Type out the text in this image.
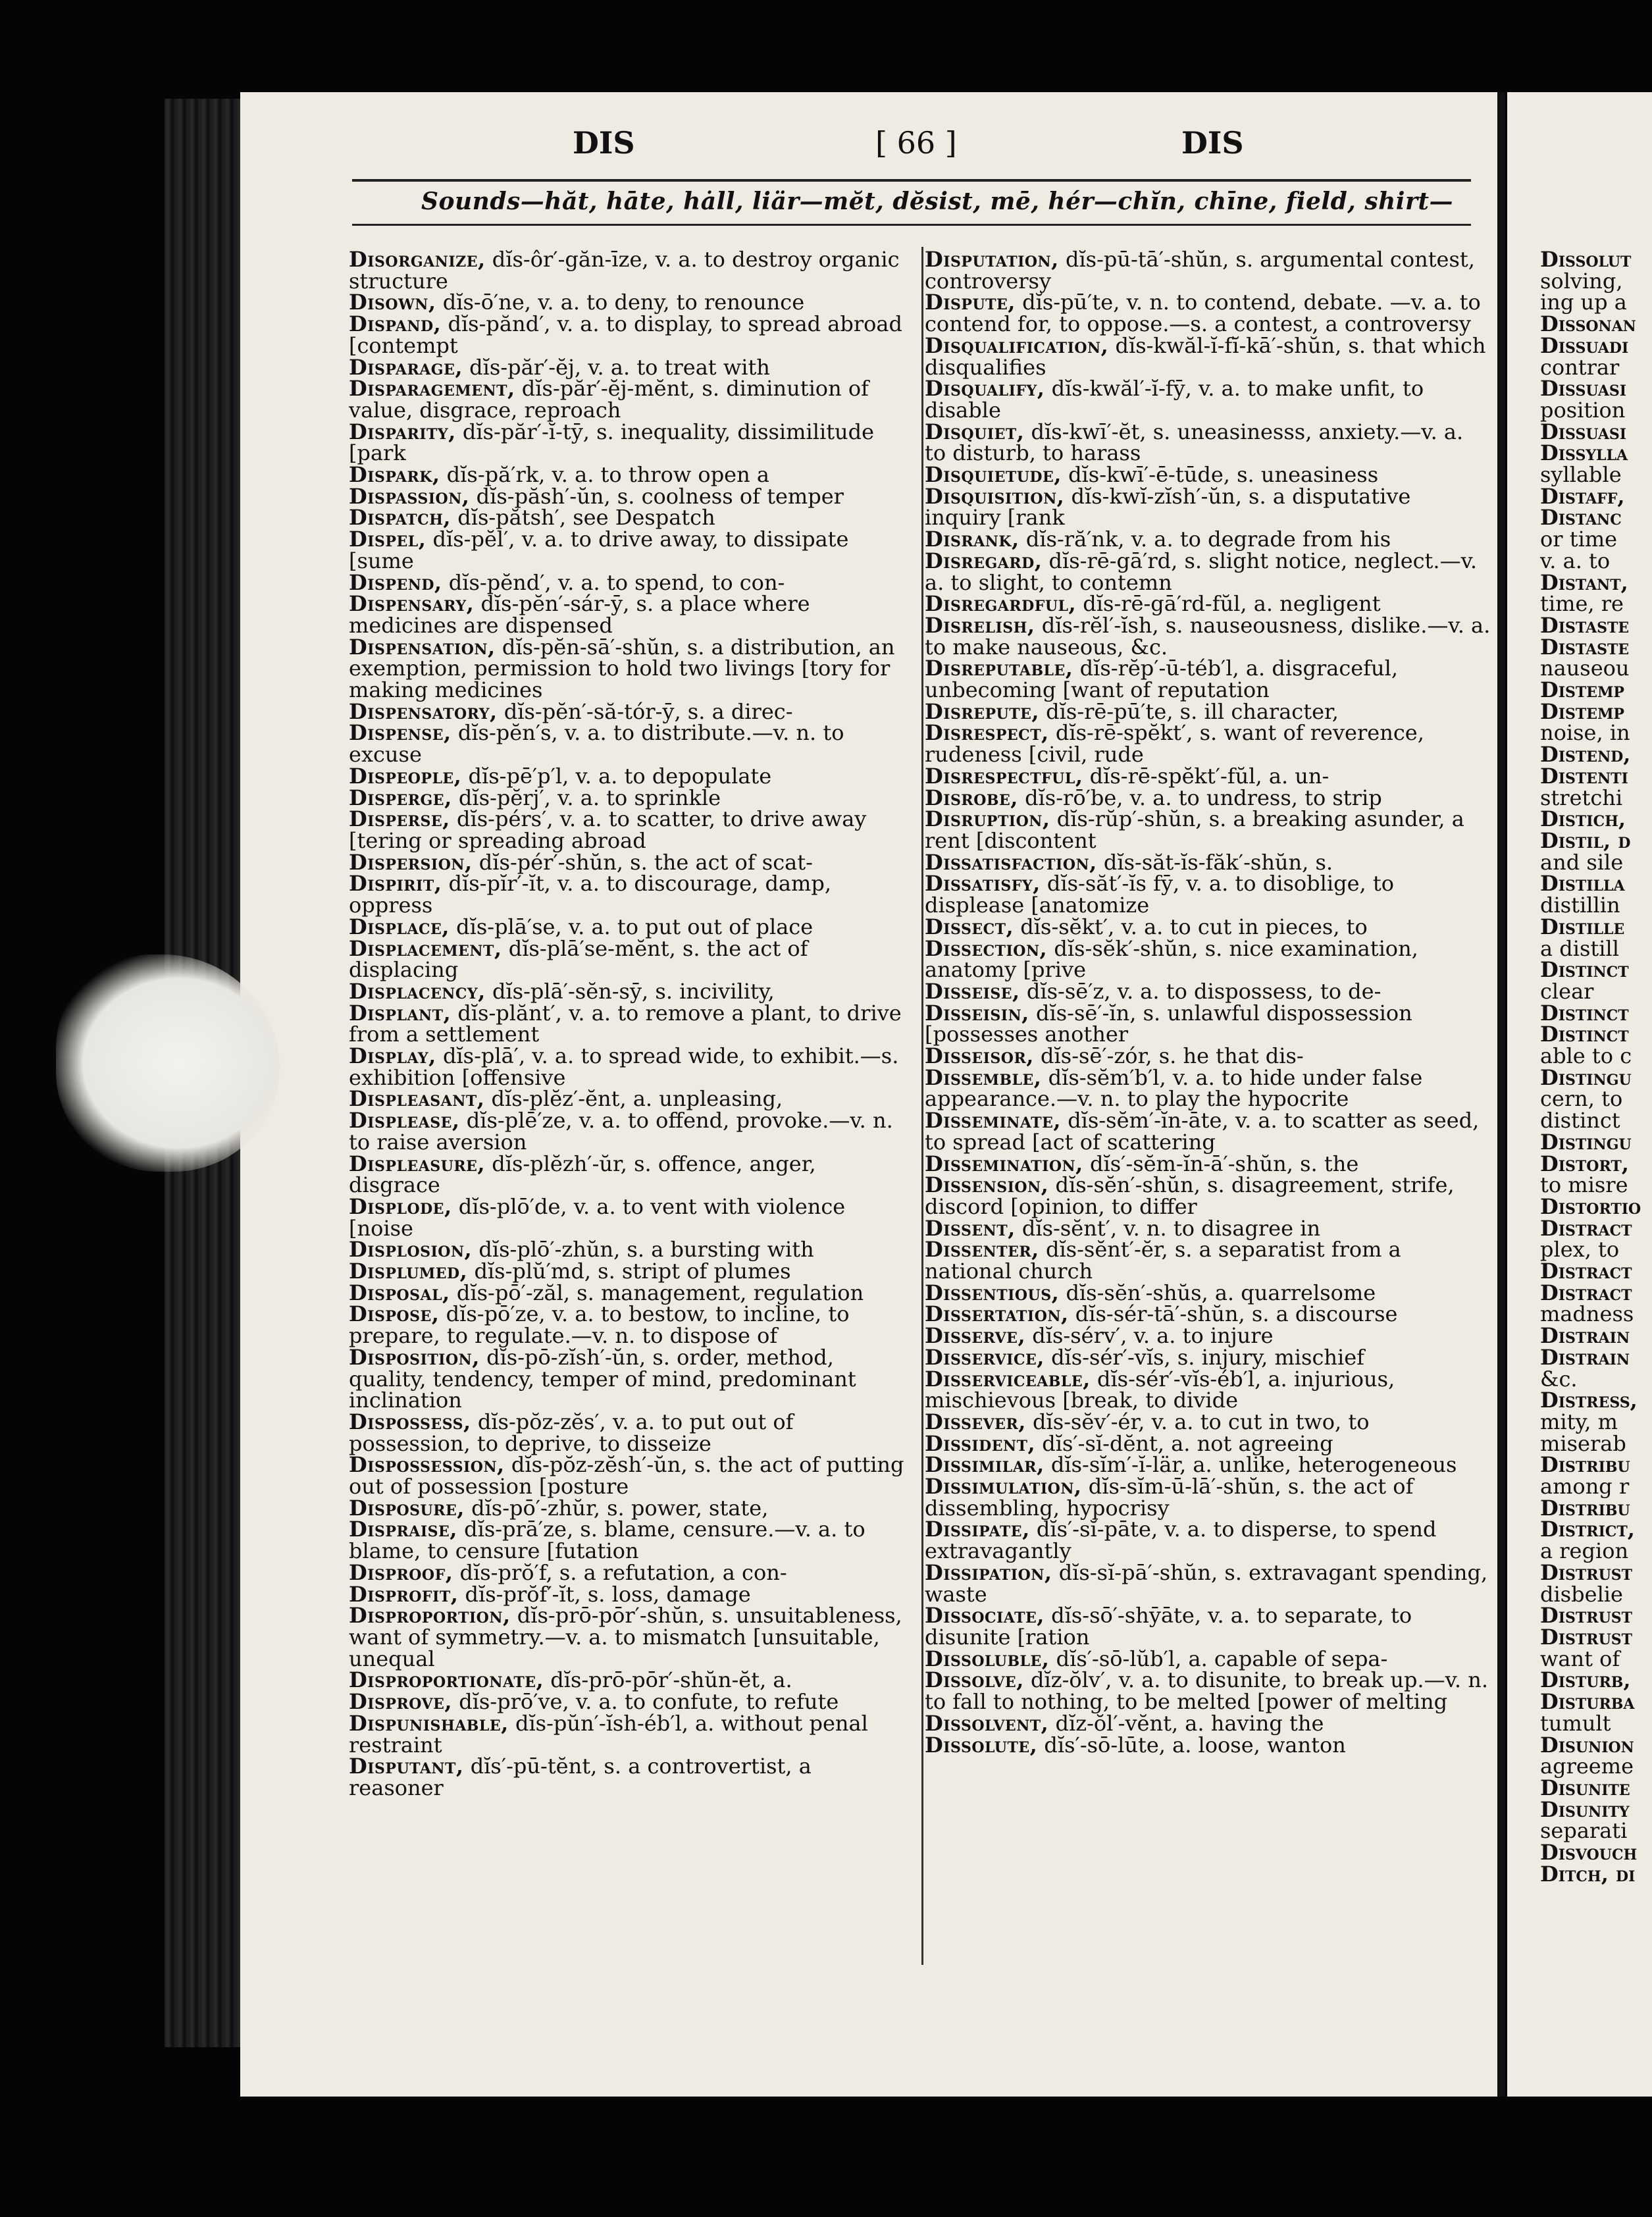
DIS	[ 66 ]	DIS
Sounds—hăt, hāte, hȧll, liär—mĕt, dĕsist, mē, hér—chĭn, chīne, field, shirt—

Disorganize, dĭs-ôr′-găn-īze, v. a. to destroy organic structure

Disown, dĭs-ō′ne, v. a. to deny, to renounce

Dispand, dĭs-pănd′, v. a. to display, to spread abroad [contempt

Disparage, dĭs-păr′-ĕj, v. a. to treat with

Disparagement, dĭs-păr′-ĕj-mĕnt, s. diminution of value, disgrace, reproach

Disparity, dĭs-păr′-ĭ-tȳ, s. inequality, dissimilitude [park

Dispark, dĭs-pă′rk, v. a. to throw open a

Dispassion, dĭs-păsh′-ŭn, s. coolness of temper

Dispatch, dĭs-pătsh′, see Despatch

Dispel, dĭs-pĕl′, v. a. to drive away, to dissipate [sume

Dispend, dĭs-pĕnd′, v. a. to spend, to con-

Dispensary, dĭs-pĕn′-sár-ȳ, s. a place where medicines are dispensed

Dispensation, dĭs-pĕn-sā′-shŭn, s. a distribution, an exemption, permission to hold two livings [tory for making medicines

Dispensatory, dĭs-pĕn′-să-tór-ȳ, s. a direc-

Dispense, dĭs-pĕn′s, v. a. to distribute.—v. n. to excuse

Dispeople, dĭs-pē′p′l, v. a. to depopulate

Disperge, dĭs-pĕrj′, v. a. to sprinkle

Disperse, dĭs-pérs′, v. a. to scatter, to drive away [tering or spreading abroad

Dispersion, dĭs-pér′-shŭn, s. the act of scat-

Dispirit, dĭs-pĭr′-ĭt, v. a. to discourage, damp, oppress

Displace, dĭs-plā′se, v. a. to put out of place

Displacement, dĭs-plā′se-mĕnt, s. the act of displacing

Displacency, dĭs-plā′-sĕn-sȳ, s. incivility,

Displant, dĭs-plănt′, v. a. to remove a plant, to drive from a settlement

Display, dĭs-plā′, v. a. to spread wide, to exhibit.—s. exhibition [offensive

Displeasant, dĭs-plĕz′-ĕnt, a. unpleasing,

Displease, dĭs-plē′ze, v. a. to offend, provoke.—v. n. to raise aversion

Displeasure, dĭs-plĕzh′-ŭr, s. offence, anger, disgrace

Displode, dĭs-plō′de, v. a. to vent with violence [noise

Displosion, dĭs-plō′-zhŭn, s. a bursting with

Displumed, dĭs-plŭ′md, s. stript of plumes

Disposal, dĭs-pō′-zăl, s. management, regulation

Dispose, dĭs-pō′ze, v. a. to bestow, to incline, to prepare, to regulate.—v. n. to dispose of

Disposition, dĭs-pō-zĭsh′-ŭn, s. order, method, quality, tendency, temper of mind, predominant inclination

Dispossess, dĭs-pŏz-zĕs′, v. a. to put out of possession, to deprive, to disseize

Dispossession, dĭs-pŏz-zĕsh′-ŭn, s. the act of putting out of possession [posture

Disposure, dĭs-pō′-zhŭr, s. power, state,

Dispraise, dĭs-prā′ze, s. blame, censure.—v. a. to blame, to censure [futation

Disproof, dĭs-prŏ′f, s. a refutation, a con-

Disprofit, dĭs-prŏf′-ĭt, s. loss, damage

Disproportion, dĭs-prō-pōr′-shŭn, s. unsuitableness, want of symmetry.—v. a. to mismatch [unsuitable, unequal

Disproportionate, dĭs-prō-pōr′-shŭn-ĕt, a.

Disprove, dĭs-prō′ve, v. a. to confute, to refute

Dispunishable, dĭs-pŭn′-ĭsh-éb′l, a. without penal restraint

Disputant, dĭs′-pū-tĕnt, s. a controvertist, a reasoner

Disputation, dĭs-pū-tā′-shŭn, s. argumental contest, controversy

Dispute, dĭs-pū′te, v. n. to contend, debate. —v. a. to contend for, to oppose.—s. a contest, a controversy

Disqualification, dĭs-kwăl-ĭ-fĭ-kā′-shŭn, s. that which disqualifies

Disqualify, dĭs-kwăl′-ĭ-fȳ, v. a. to make unfit, to disable

Disquiet, dĭs-kwī′-ĕt, s. uneasinesss, anxiety.—v. a. to disturb, to harass

Disquietude, dĭs-kwī′-ē-tūde, s. uneasiness

Disquisition, dĭs-kwĭ-zĭsh′-ŭn, s. a disputative inquiry [rank

Disrank, dĭs-ră′nk, v. a. to degrade from his

Disregard, dĭs-rē-gā′rd, s. slight notice, neglect.—v. a. to slight, to contemn

Disregardful, dĭs-rē-gā′rd-fŭl, a. negligent

Disrelish, dĭs-rĕl′-ĭsh, s. nauseousness, dislike.—v. a. to make nauseous, &c.

Disreputable, dĭs-rĕp′-ū-téb′l, a. disgraceful, unbecoming [want of reputation

Disrepute, dĭs-rē-pū′te, s. ill character,

Disrespect, dĭs-rē-spĕkt′, s. want of reverence, rudeness [civil, rude

Disrespectful, dĭs-rē-spĕkt′-fŭl, a. un-

Disrobe, dĭs-rō′be, v. a. to undress, to strip

Disruption, dĭs-rŭp′-shŭn, s. a breaking asunder, a rent [discontent

Dissatisfaction, dĭs-săt-ĭs-făk′-shŭn, s.

Dissatisfy, dĭs-săt′-ĭs fȳ, v. a. to disoblige, to displease [anatomize

Dissect, dĭs-sĕkt′, v. a. to cut in pieces, to

Dissection, dĭs-sĕk′-shŭn, s. nice examination, anatomy [prive

Disseise, dĭs-sē′z, v. a. to dispossess, to de-

Disseisin, dĭs-sē′-ĭn, s. unlawful dispossession [possesses another

Disseisor, dĭs-sē′-zór, s. he that dis-

Dissemble, dĭs-sĕm′b′l, v. a. to hide under false appearance.—v. n. to play the hypocrite

Disseminate, dĭs-sĕm′-ĭn-āte, v. a. to scatter as seed, to spread [act of scattering

Dissemination, dĭs′-sĕm-ĭn-ā′-shŭn, s. the

Dissension, dĭs-sĕn′-shŭn, s. disagreement, strife, discord [opinion, to differ

Dissent, dĭs-sĕnt′, v. n. to disagree in

Dissenter, dĭs-sĕnt′-ĕr, s. a separatist from a national church

Dissentious, dĭs-sĕn′-shŭs, a. quarrelsome

Dissertation, dĭs-sér-tā′-shŭn, s. a discourse

Disserve, dĭs-sérv′, v. a. to injure

Disservice, dĭs-sér′-vĭs, s. injury, mischief

Disserviceable, dĭs-sér′-vĭs-éb′l, a. injurious, mischievous [break, to divide

Dissever, dĭs-sĕv′-ér, v. a. to cut in two, to

Dissident, dĭs′-sĭ-dĕnt, a. not agreeing

Dissimilar, dĭs-sĭm′-ĭ-lär, a. unlike, heterogeneous

Dissimulation, dĭs-sĭm-ū-lā′-shŭn, s. the act of dissembling, hypocrisy

Dissipate, dĭs′-sĭ-pāte, v. a. to disperse, to spend extravagantly

Dissipation, dĭs-sĭ-pā′-shŭn, s. extravagant spending, waste

Dissociate, dĭs-sō′-shȳāte, v. a. to separate, to disunite [ration

Dissoluble, dĭs′-sō-lŭb′l, a. capable of sepa-

Dissolve, dĭz-ŏlv′, v. a. to disunite, to break up.—v. n. to fall to nothing, to be melted [power of melting

Dissolvent, dĭz-ŏl′-vĕnt, a. having the

Dissolute, dĭs′-sō-lūte, a. loose, wanton

Dissolut
solving,
ing up a
Dissonan
Dissuadi
contrar
Dissuasi
position
Dissuasi
Dissylla
syllable
Distaff,
Distanc
or time
v. a. to
Distant,
time, re
Distaste
Distaste
nauseou
Distemp
Distemp
noise, in
Distend,
Distenti
stretchi
Distich,
Distil, d
and sile
Distilla
distillin
Distille
a distill
Distinct
clear
Distinct
Distinct
able to c
Distingu
cern, to
distinct
Distingu
Distort,
to misre
Distortio
Distract
plex, to
Distract
Distract
madness
Distrain
Distrain
&c.
Distress,
mity, m
miserab
Distribu
among r
Distribu
District,
a region
Distrust
disbelie
Distrust
Distrust
want of
Disturb,
Disturba
tumult
Disunion
agreeme
Disunite
Disunity
separati
Disvouch
Ditch, di
